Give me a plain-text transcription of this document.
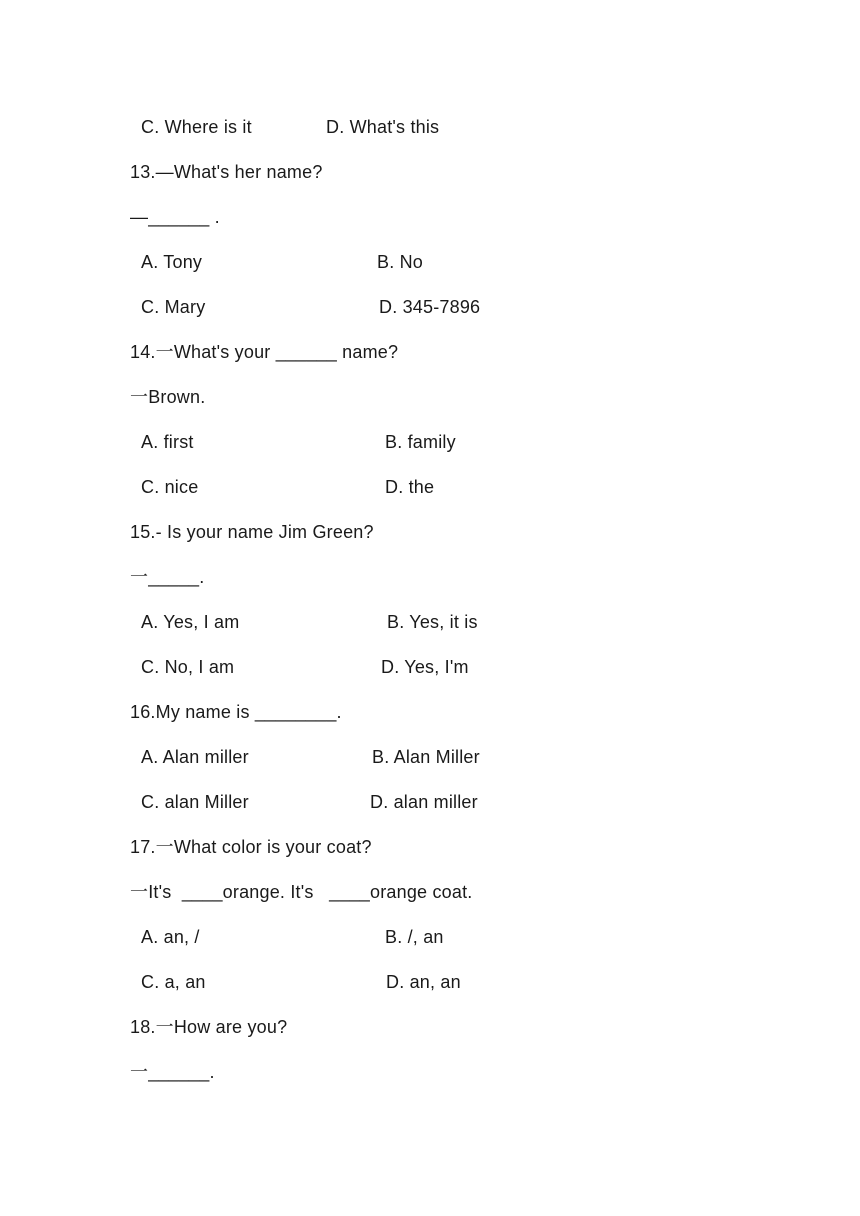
C. Where is it	D. What's this
13.—What's her name?
—______ .
A. Tony	B. No
C. Mary	D. 345-7896
14.一What's your ______ name?
一Brown.
A. first	B. family
C. nice	D. the
15.- Is your name Jim Green?
一_____.
A. Yes, I am	B. Yes, it is
C. No, I am	D. Yes, I'm
16.My name is ________.
A. Alan miller	B. Alan Miller
C. alan Miller	D. alan miller
17.一What color is your coat?
一It's  ____orange. It's   ____orange coat.
A. an, /	B. /, an
C. a, an	D. an, an
18.一How are you?
一______.
